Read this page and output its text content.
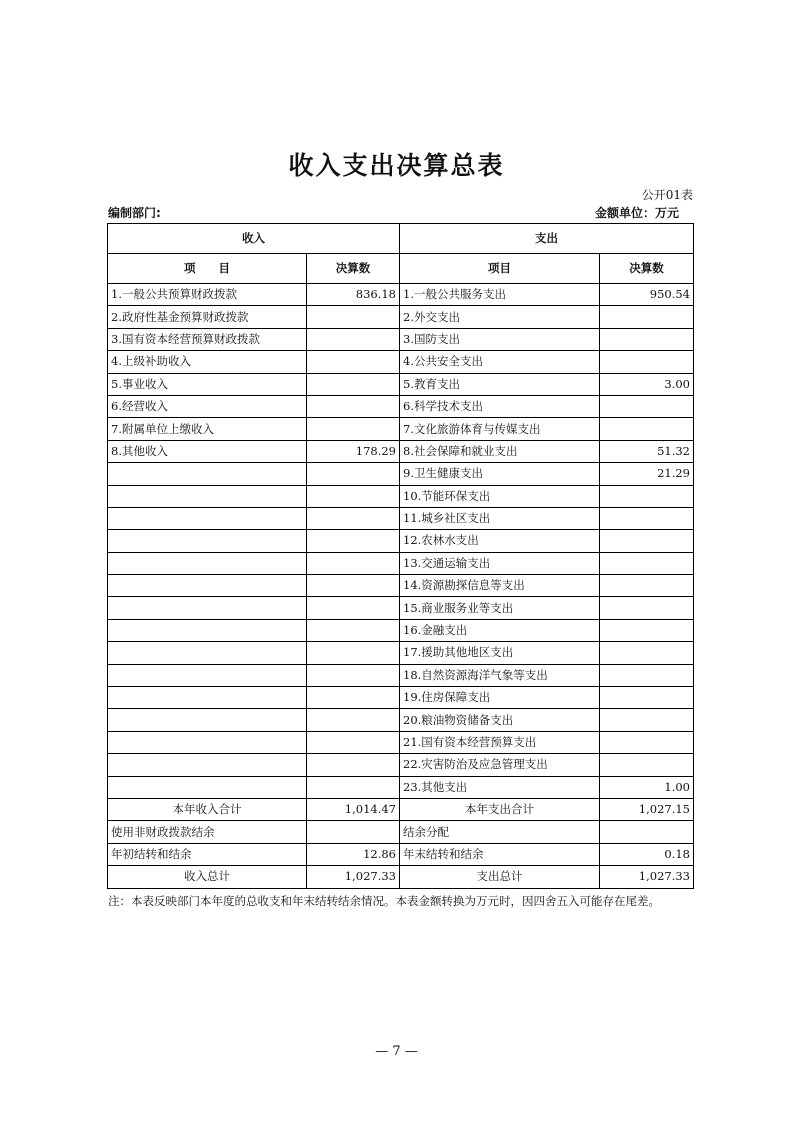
收入支出决算总表
公开01表
编制部门:	金额单位：万元
收入		支出	
项　　目	决算数	项目	决算数
1.一般公共预算财政拨款	836.18	1.一般公共服务支出	950.54
2.政府性基金预算财政拨款		2.外交支出	
3.国有资本经营预算财政拨款		3.国防支出	
4.上级补助收入		4.公共安全支出	
5.事业收入		5.教育支出	3.00
6.经营收入		6.科学技术支出	
7.附属单位上缴收入		7.文化旅游体育与传媒支出	
8.其他收入	178.29	8.社会保障和就业支出	51.32
		9.卫生健康支出	21.29
		10.节能环保支出	
		11.城乡社区支出	
		12.农林水支出	
		13.交通运输支出	
		14.资源勘探信息等支出	
		15.商业服务业等支出	
		16.金融支出	
		17.援助其他地区支出	
		18.自然资源海洋气象等支出	
		19.住房保障支出	
		20.粮油物资储备支出	
		21.国有资本经营预算支出	
		22.灾害防治及应急管理支出	
		23.其他支出	1.00
本年收入合计	1,014.47	本年支出合计	1,027.15
使用非财政拨款结余		结余分配	
年初结转和结余	12.86	年末结转和结余	0.18
收入总计	1,027.33	支出总计	1,027.33
注：本表反映部门本年度的总收支和年末结转结余情况。本表金额转换为万元时，因四舍五入可能存在尾差。
— 7 —
